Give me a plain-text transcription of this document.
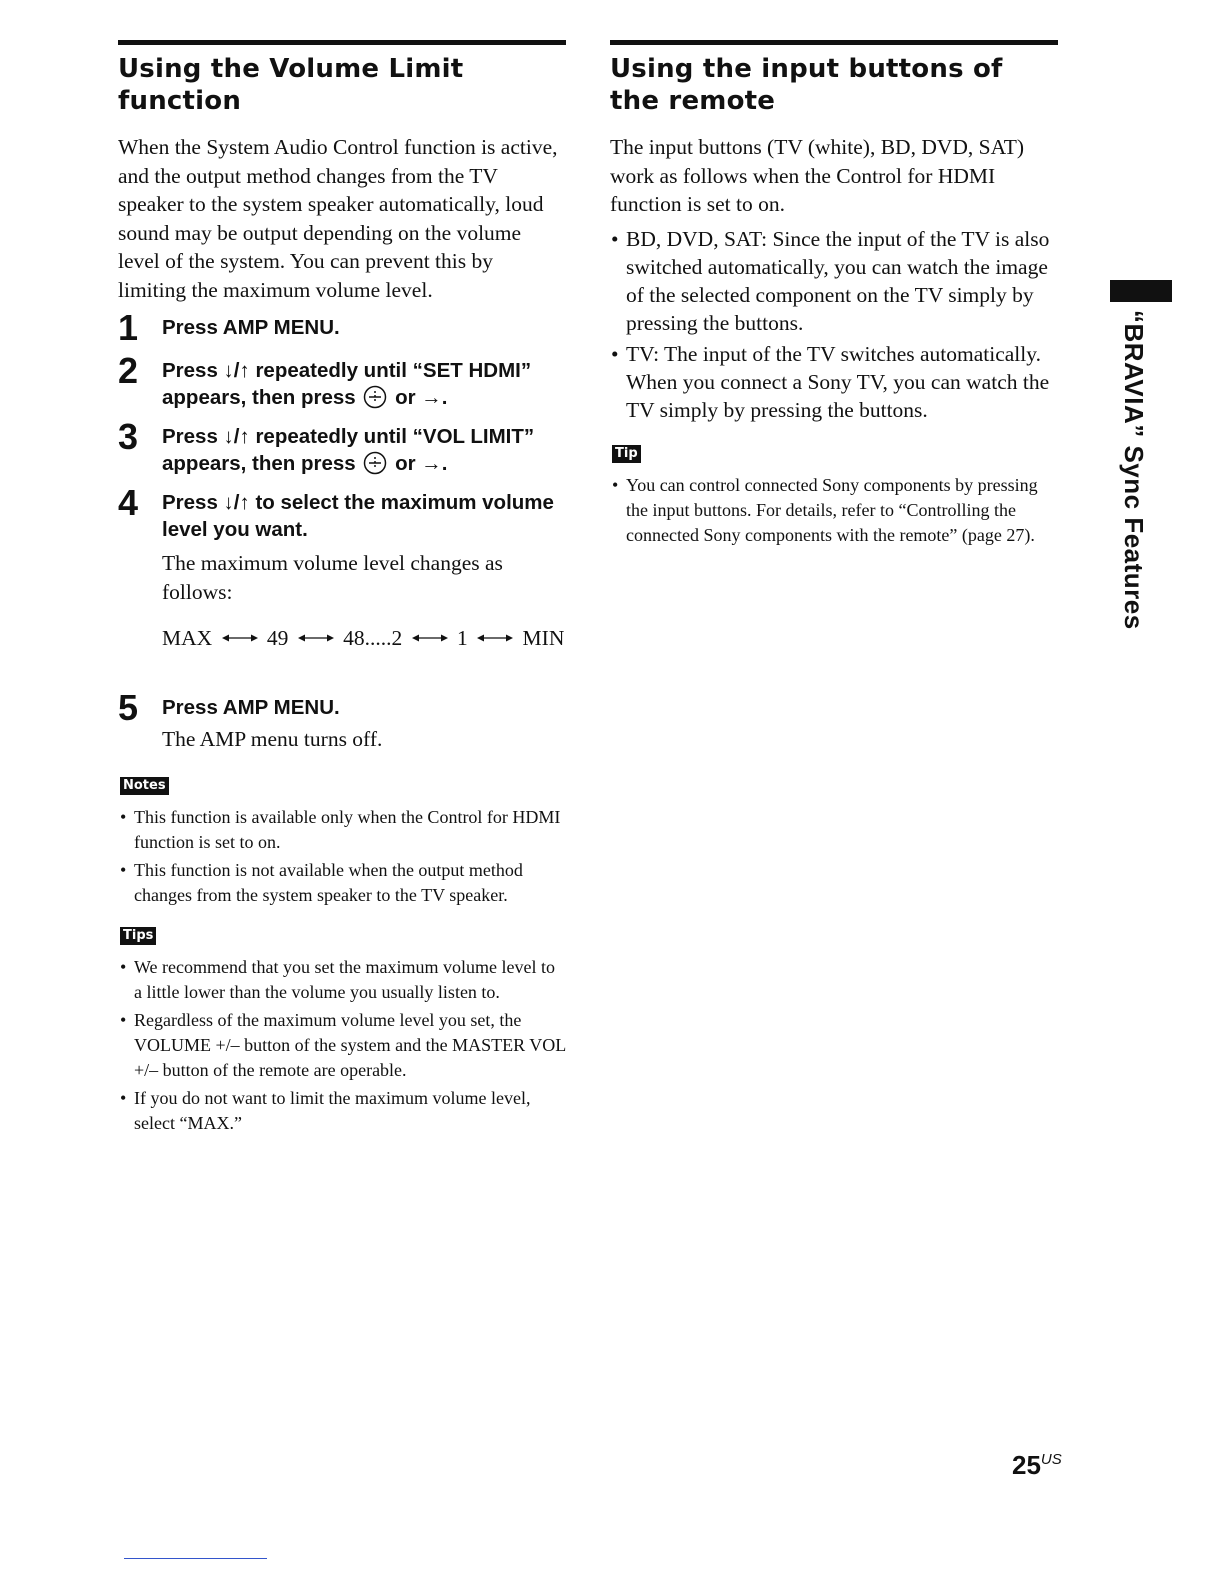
Using the Volume Limit function

When the System Audio Control function is active, and the output method changes from the TV speaker to the system speaker automatically, loud sound may be output depending on the volume level of the system. You can prevent this by limiting the maximum volume level.

1 Press AMP MENU.
2 Press ↓/↑ repeatedly until “SET HDMI” appears, then press or →.
3 Press ↓/↑ repeatedly until “VOL LIMIT” appears, then press or →.
4 Press ↓/↑ to select the maximum volume level you want.
The maximum volume level changes as follows:
MAX	49	48.....2	1	MIN
5 Press AMP MENU.
The AMP menu turns off.
Notes
• This function is available only when the Control for HDMI function is set to on.
• This function is not available when the output method changes from the system speaker to the TV speaker.
Tips
• We recommend that you set the maximum volume level to a little lower than the volume you usually listen to.
• Regardless of the maximum volume level you set, the VOLUME +/– button of the system and the MASTER VOL +/– button of the remote are operable.
• If you do not want to limit the maximum volume level, select “MAX.”
Using the input buttons of the remote

The input buttons (TV (white), BD, DVD, SAT) work as follows when the Control for HDMI function is set to on.

• BD, DVD, SAT: Since the input of the TV is also switched automatically, you can watch the image of the selected component on the TV simply by pressing the buttons.
• TV: The input of the TV switches automatically. When you connect a Sony TV, you can watch the TV simply by pressing the buttons.
Tip
• You can control connected Sony components by pressing the input buttons. For details, refer to “Controlling the connected Sony components with the remote” (page 27).	“BRAVIA” Sync Features
$25^{US}$
